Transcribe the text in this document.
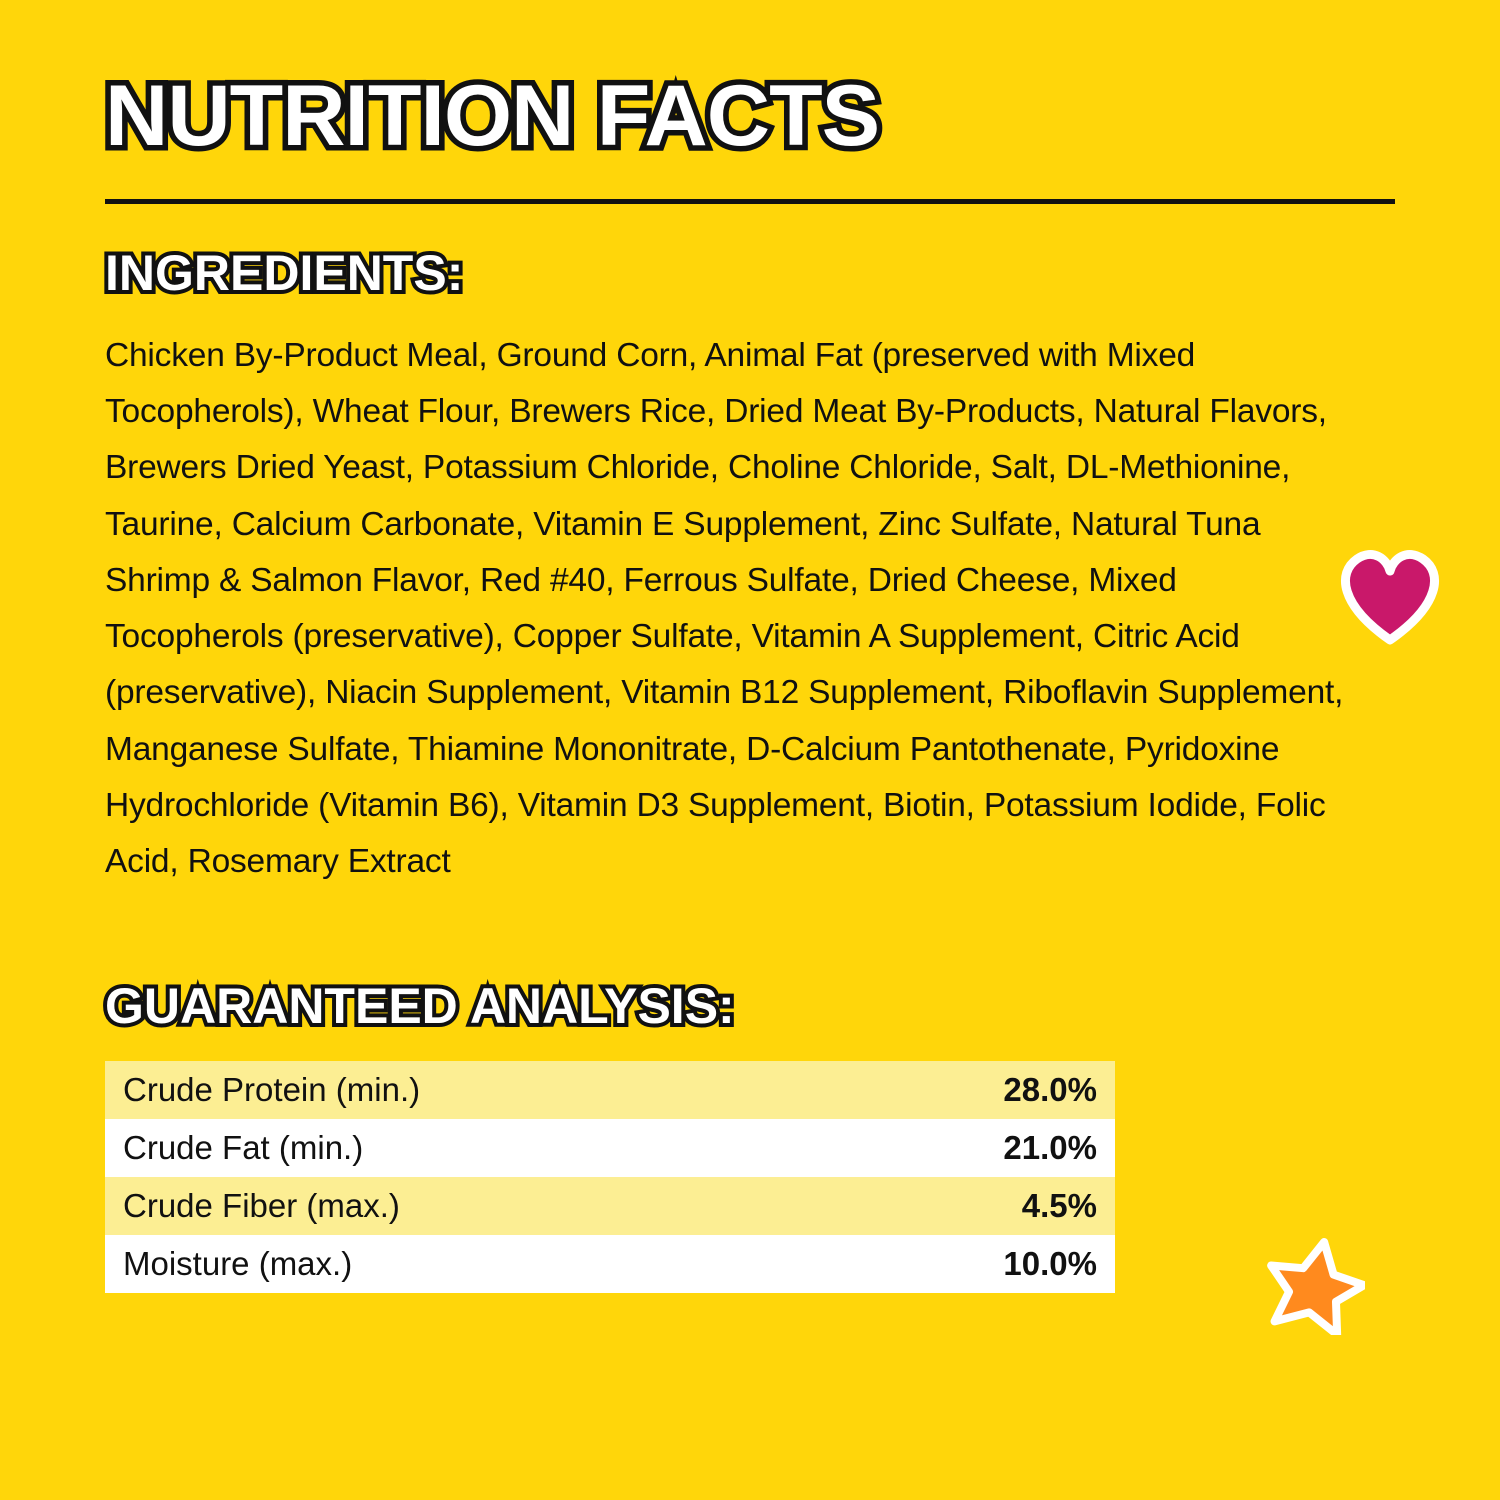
NUTRITION FACTS
INGREDIENTS:

Chicken By-Product Meal, Ground Corn, Animal Fat (preserved with Mixed Tocopherols), Wheat Flour, Brewers Rice, Dried Meat By-Products, Natural Flavors, Brewers Dried Yeast, Potassium Chloride, Choline Chloride, Salt, DL-Methionine, Taurine, Calcium Carbonate, Vitamin E Supplement, Zinc Sulfate, Natural Tuna Shrimp & Salmon Flavor, Red #40, Ferrous Sulfate, Dried Cheese, Mixed Tocopherols (preservative), Copper Sulfate, Vitamin A Supplement, Citric Acid (preservative), Niacin Supplement, Vitamin B12 Supplement, Riboflavin Supplement, Manganese Sulfate, Thiamine Mononitrate, D-Calcium Pantothenate, Pyridoxine Hydrochloride (Vitamin B6), Vitamin D3 Supplement, Biotin, Potassium Iodide, Folic Acid, Rosemary Extract

GUARANTEED ANALYSIS:
Crude Protein (min.)	28.0%
Crude Fat (min.)	21.0%
Crude Fiber (max.)	4.5%
Moisture (max.)	10.0%
